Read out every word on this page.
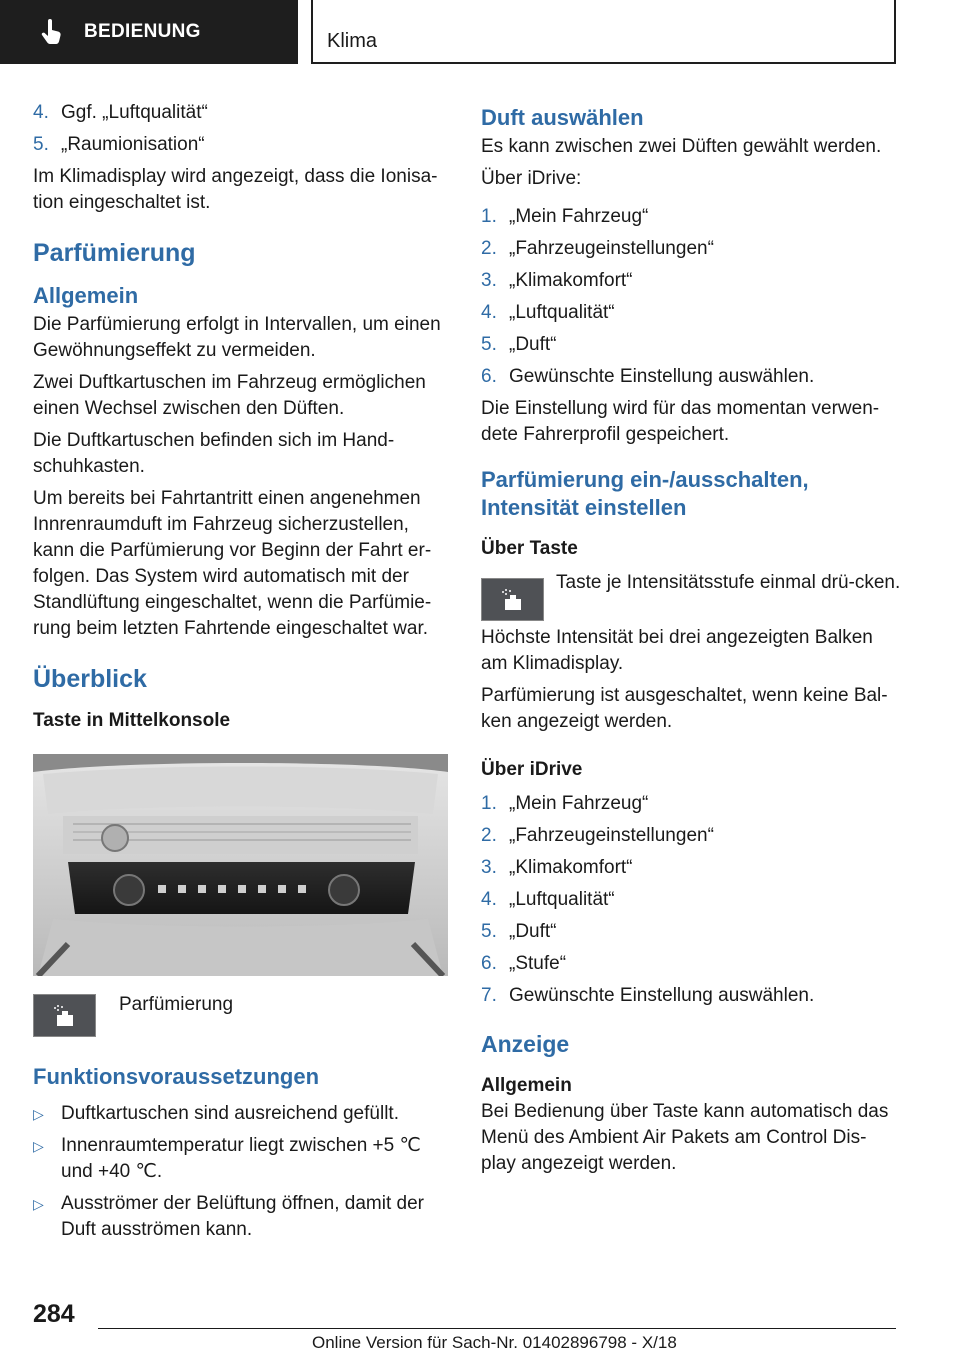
BEDIENUNG	Klima
4. Ggf. „Luftqualität“
5. „Raumionisation“

Im Klimadisplay wird angezeigt, dass die Ionisa-tion eingeschaltet ist.

Parfümierung
Allgemein

Die Parfümierung erfolgt in Intervallen, um einen Gewöhnungseffekt zu vermeiden.

Zwei Duftkartuschen im Fahrzeug ermöglichen einen Wechsel zwischen den Düften.

Die Duftkartuschen befinden sich im Hand-schuhkasten.

Um bereits bei Fahrtantritt einen angenehmen Innrenraumduft im Fahrzeug sicherzustellen, kann die Parfümierung vor Beginn der Fahrt er-folgen. Das System wird automatisch mit der Standlüftung eingeschaltet, wenn die Parfümie-rung beim letzten Fahrtende eingeschaltet war.

Überblick
Taste in Mittelkonsole

Parfümierung

Funktionsvoraussetzungen
▷ Duftkartuschen sind ausreichend gefüllt.
▷ Innenraumtemperatur liegt zwischen +5 ℃ und +40 ℃.
▷ Ausströmer der Belüftung öffnen, damit der Duft ausströmen kann.
Duft auswählen

Es kann zwischen zwei Düften gewählt werden.

Über iDrive:

1. „Mein Fahrzeug“
2. „Fahrzeugeinstellungen“
3. „Klimakomfort“
4. „Luftqualität“
5. „Duft“
6. Gewünschte Einstellung auswählen.

Die Einstellung wird für das momentan verwen-dete Fahrerprofil gespeichert.

Parfümierung ein-/ausschalten, Intensität einstellen
Über Taste

Taste je Intensitätsstufe einmal drü-cken.

Höchste Intensität bei drei angezeigten Balken am Klimadisplay.

Parfümierung ist ausgeschaltet, wenn keine Bal-ken angezeigt werden.

Über iDrive
1. „Mein Fahrzeug“
2. „Fahrzeugeinstellungen“
3. „Klimakomfort“
4. „Luftqualität“
5. „Duft“
6. „Stufe“
7. Gewünschte Einstellung auswählen.
Anzeige
Allgemein

Bei Bedienung über Taste kann automatisch das Menü des Ambient Air Pakets am Control Dis-play angezeigt werden.

284
Online Version für Sach-Nr. 01402896798 - X/18
